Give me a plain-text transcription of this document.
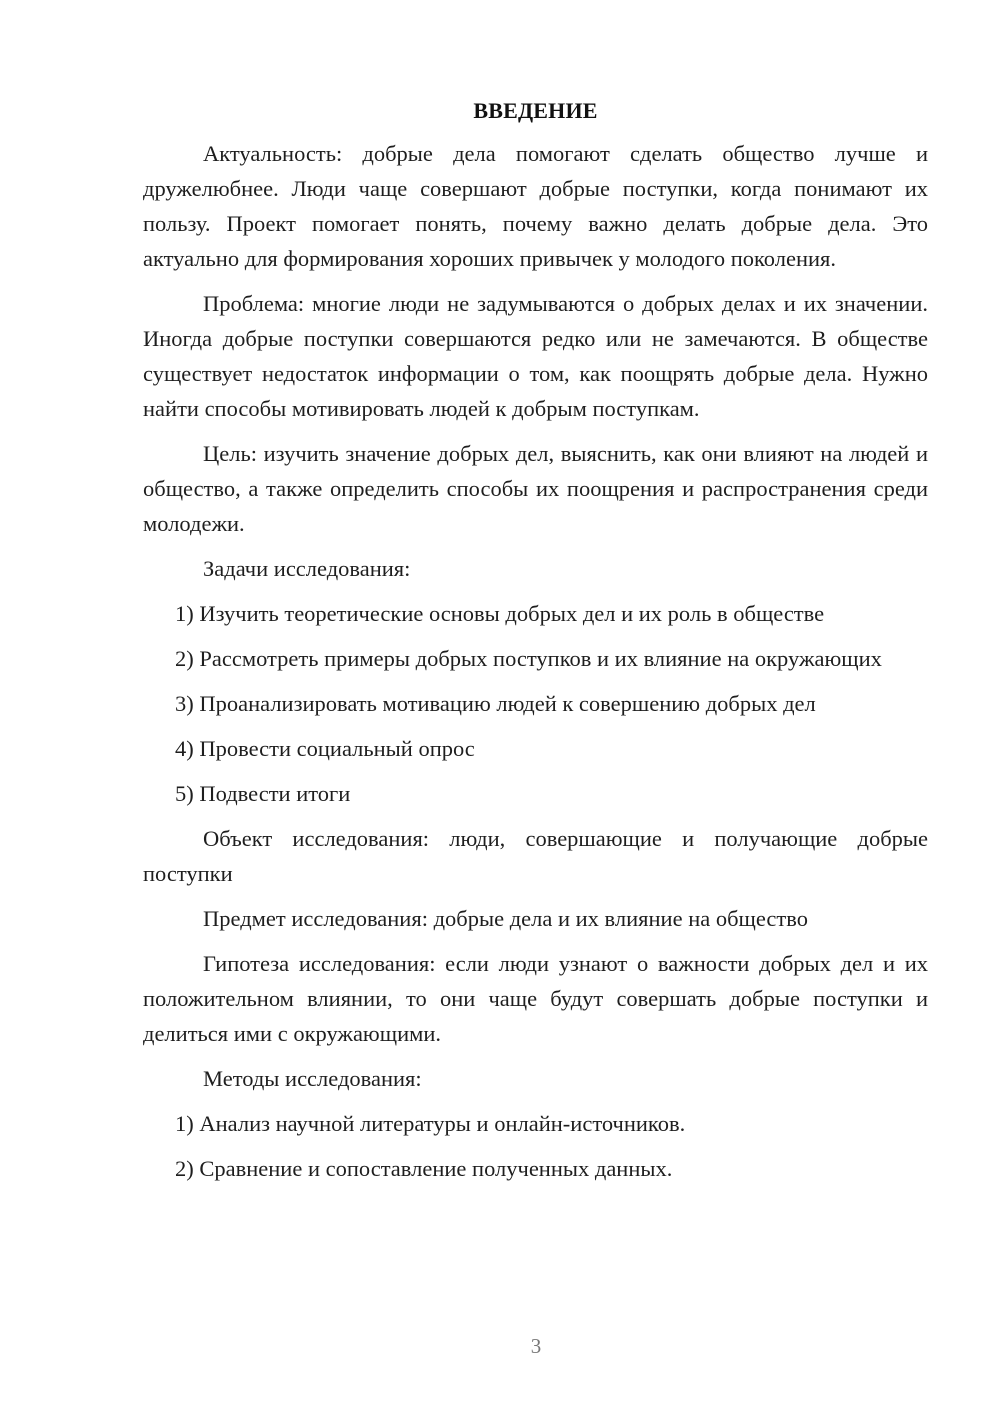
ВВЕДЕНИЕ

Актуальность: добрые дела помогают сделать общество лучше и дружелюбнее. Люди чаще совершают добрые поступки, когда понимают их пользу. Проект помогает понять, почему важно делать добрые дела. Это актуально для формирования хороших привычек у молодого поколения.

Проблема: многие люди не задумываются о добрых делах и их значении. Иногда добрые поступки совершаются редко или не замечаются. В обществе существует недостаток информации о том, как поощрять добрые дела. Нужно найти способы мотивировать людей к добрым поступкам.

Цель: изучить значение добрых дел, выяснить, как они влияют на людей и общество, а также определить способы их поощрения и распространения среди молодежи.

Задачи исследования:

1) Изучить теоретические основы добрых дел и их роль в обществе

2) Рассмотреть примеры добрых поступков и их влияние на окружающих

3) Проанализировать мотивацию людей к совершению добрых дел

4) Провести социальный опрос

5) Подвести итоги

Объект исследования: люди, совершающие и получающие добрые поступки

Предмет исследования: добрые дела и их влияние на общество

Гипотеза исследования: если люди узнают о важности добрых дел и их положительном влиянии, то они чаще будут совершать добрые поступки и делиться ими с окружающими.

Методы исследования:

1) Анализ научной литературы и онлайн-источников.

2) Сравнение и сопоставление полученных данных.

3
